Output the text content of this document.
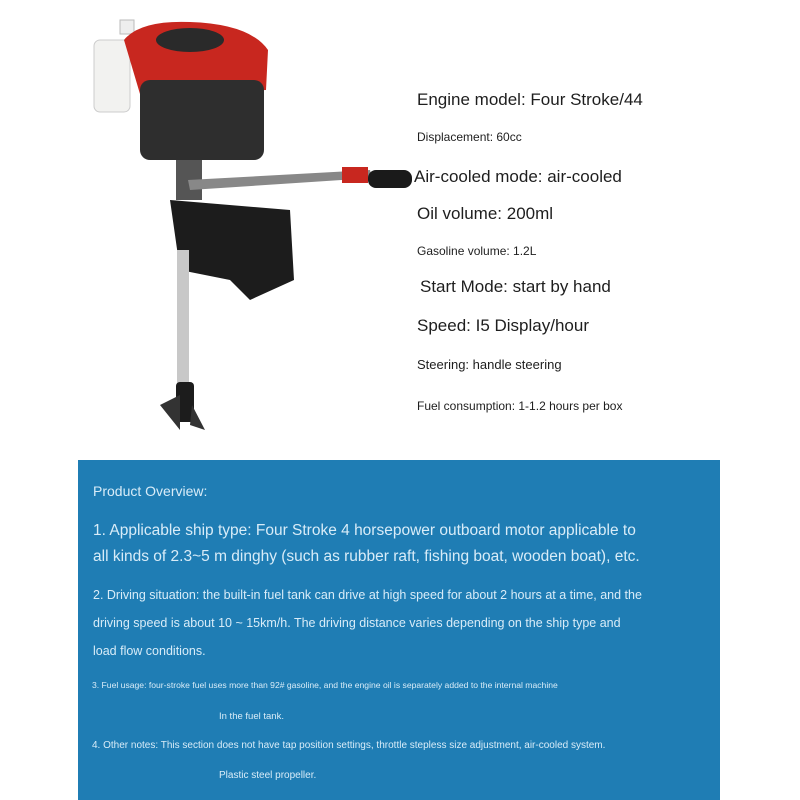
Engine model: Four Stroke/44
Displacement: 60cc
Air-cooled mode: air-cooled
Oil volume: 200ml
Gasoline volume: 1.2L
Start Mode: start by hand
Speed: I5 Display/hour
Steering: handle steering
Fuel consumption: 1-1.2 hours per box
Product Overview:
1. Applicable ship type: Four Stroke 4 horsepower outboard motor applicable to
all kinds of 2.3~5 m dinghy (such as rubber raft, fishing boat, wooden boat), etc.
2. Driving situation: the built-in fuel tank can drive at high speed for about 2 hours at a time, and the
driving speed is about 10 ~ 15km/h. The driving distance varies depending on the ship type and
load flow conditions.
3. Fuel usage: four-stroke fuel uses more than 92# gasoline, and the engine oil is separately added to the internal machine
In the fuel tank.
4. Other notes: This section does not have tap position settings, throttle stepless size adjustment, air-cooled system.
Plastic steel propeller.
